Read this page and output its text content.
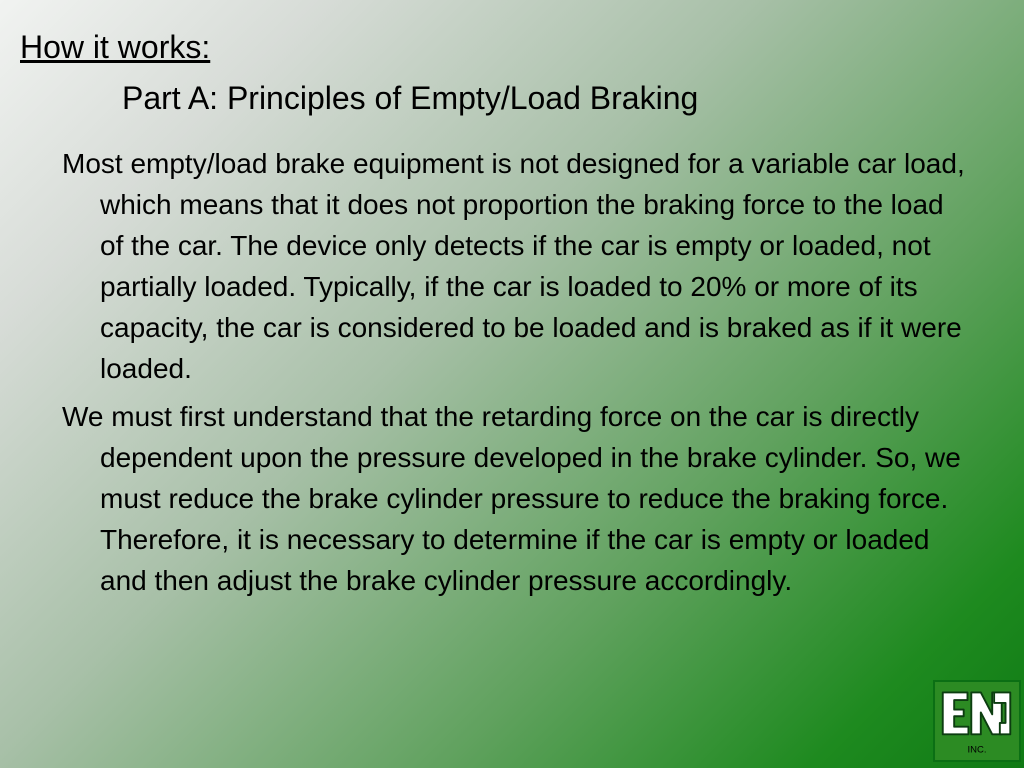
How it works:
Part A: Principles of Empty/Load Braking

Most empty/load brake equipment is not designed for a variable car load, which means that it does not proportion the braking force to the load of the car. The device only detects if the car is empty or loaded, not partially loaded. Typically, if the car is loaded to 20% or more of its capacity, the car is considered to be loaded and is braked as if it were loaded.

We must first understand that the retarding force on the car is directly dependent upon the pressure developed in the brake cylinder. So, we must reduce the brake cylinder pressure to reduce the braking force. Therefore, it is necessary to determine if the car is empty or loaded and then adjust the brake cylinder pressure accordingly.

INC.
